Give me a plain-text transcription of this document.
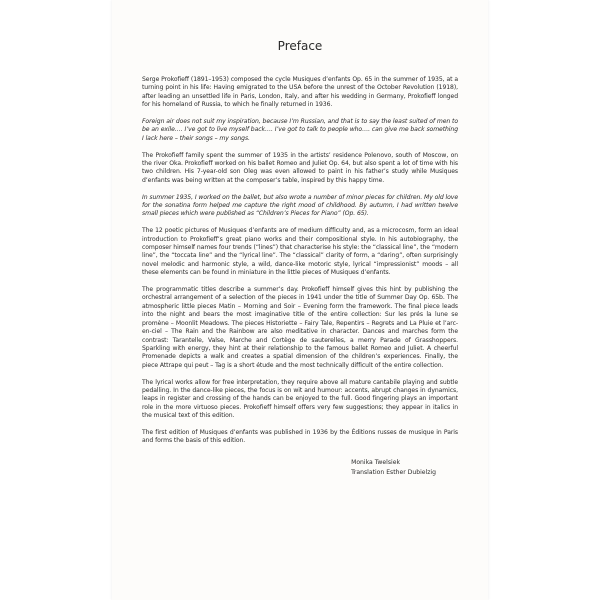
Preface

Serge Prokofieff (1891–1953) composed the cycle Musiques d’enfants Op. 65 in the summer of 1935, at a turning point in his life: Having emigrated to the USA before the unrest of the October Revolution (1918), after leading an unsettled life in Paris, London, Italy, and after his wedding in Germany, Prokofieff longed for his homeland of Russia, to which he finally returned in 1936.

Foreign air does not suit my inspiration, because I’m Russian, and that is to say the least suited of men to be an exile…. I’ve got to live myself back…. I’ve got to talk to people who…. can give me back something I lack here – their songs – my songs.

The Prokofieff family spent the summer of 1935 in the artists’ residence Polenovo, south of Moscow, on the river Oka. Prokofieff worked on his ballet Romeo and Juliet Op. 64, but also spent a lot of time with his two children. His 7-year-old son Oleg was even allowed to paint in his father’s study while Musiques d’enfants was being written at the composer’s table, inspired by this happy time.

In summer 1935, I worked on the ballet, but also wrote a number of minor pieces for children. My old love for the sonatina form helped me capture the right mood of childhood. By autumn, I had written twelve small pieces which were published as “Children’s Pieces for Piano” (Op. 65).

The 12 poetic pictures of Musiques d’enfants are of medium difficulty and, as a microcosm, form an ideal introduction to Prokofieff’s great piano works and their compositional style. In his autobiography, the composer himself names four trends (“lines”) that characterise his style: the “classical line”, the “modern line”, the “toccata line” and the “lyrical line”. The “classical” clarity of form, a “daring”, often surprisingly novel melodic and harmonic style, a wild, dance-like motoric style, lyrical “impressionist” moods – all these elements can be found in miniature in the little pieces of Musiques d’enfants.

The programmatic titles describe a summer’s day. Prokofieff himself gives this hint by publishing the orchestral arrangement of a selection of the pieces in 1941 under the title of Summer Day Op. 65b. The atmospheric little pieces Matin – Morning and Soir – Evening form the framework. The final piece leads into the night and bears the most imaginative title of the entire collection: Sur les prés la lune se promène – Moonlit Meadows. The pieces Historiette – Fairy Tale, Repentirs – Regrets and La Pluie et l’arc-en-ciel – The Rain and the Rainbow are also meditative in character. Dances and marches form the contrast: Tarantelle, Valse, Marche and Cortège de sauterelles, a merry Parade of Grasshoppers. Sparkling with energy, they hint at their relationship to the famous ballet Romeo and Juliet. A cheerful Promenade depicts a walk and creates a spatial dimension of the children’s experiences. Finally, the piece Attrape qui peut – Tag is a short étude and the most technically difficult of the entire collection.

The lyrical works allow for free interpretation, they require above all mature cantabile playing and subtle pedalling. In the dance-like pieces, the focus is on wit and humour: accents, abrupt changes in dynamics, leaps in register and crossing of the hands can be enjoyed to the full. Good fingering plays an important role in the more virtuoso pieces. Prokofieff himself offers very few suggestions; they appear in italics in the musical text of this edition.

The first edition of Musiques d’enfants was published in 1936 by the Éditions russes de musique in Paris and forms the basis of this edition.

Monika Twelsiek
Translation Esther Dubielzig
